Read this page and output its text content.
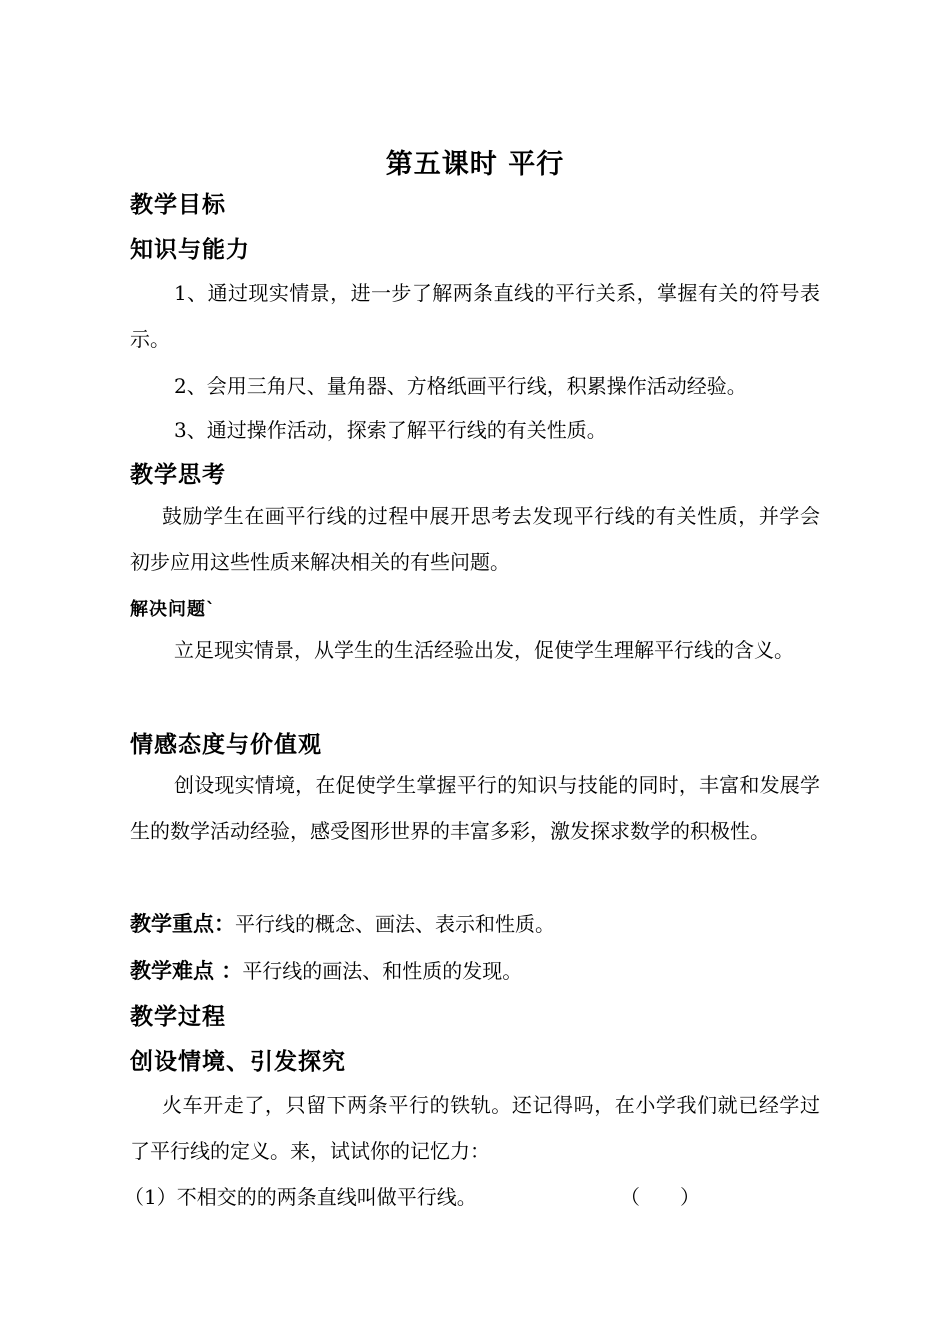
第五课时 平行
教学目标
知识与能力
1、通过现实情景，进一步了解两条直线的平行关系，掌握有关的符号表示。
2、会用三角尺、量角器、方格纸画平行线，积累操作活动经验。
3、通过操作活动，探索了解平行线的有关性质。
教学思考
鼓励学生在画平行线的过程中展开思考去发现平行线的有关性质，并学会初步应用这些性质来解决相关的有些问题。
解决问题`
立足现实情景，从学生的生活经验出发，促使学生理解平行线的含义。
情感态度与价值观
创设现实情境，在促使学生掌握平行的知识与技能的同时，丰富和发展学生的数学活动经验，感受图形世界的丰富多彩，激发探求数学的积极性。
教学重点：平行线的概念、画法、表示和性质。
教学难点 ：平行线的画法、和性质的发现。
教学过程
创设情境、引发探究
火车开走了，只留下两条平行的铁轨。还记得吗，在小学我们就已经学过了平行线的定义。来，试试你的记忆力：
（1）不相交的的两条直线叫做平行线。	（ ）
